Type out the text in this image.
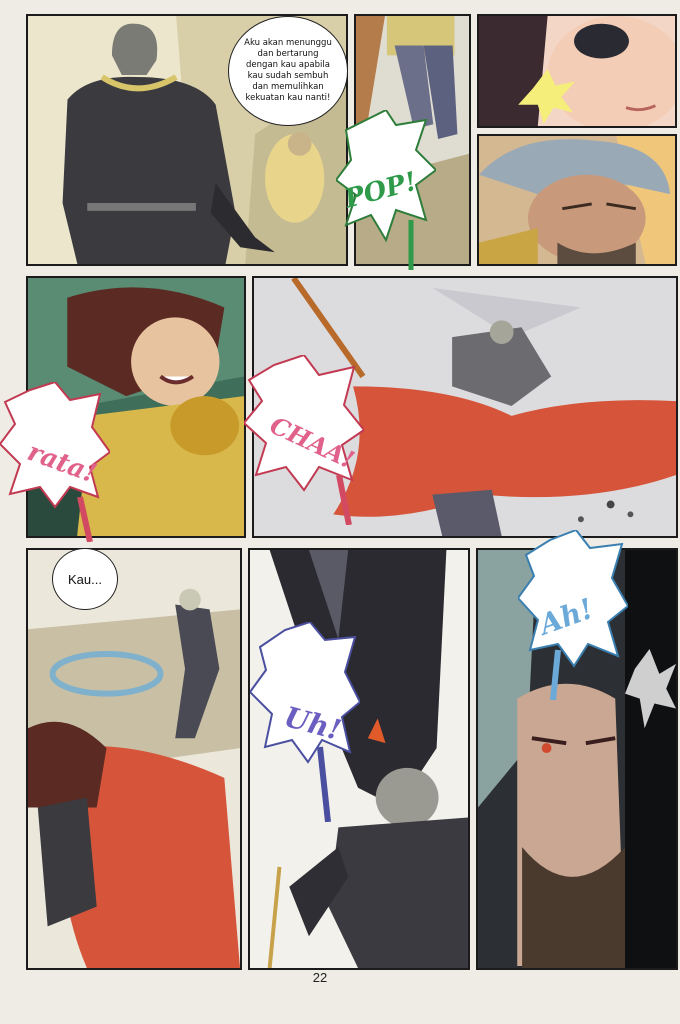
Aku akan menunggu dan bertarung dengan kau apabila kau sudah sembuh dan memulihkan kekuatan kau nanti!
POP!
rata!	CHAA!
Kau...
Uh!
Ah!
22
